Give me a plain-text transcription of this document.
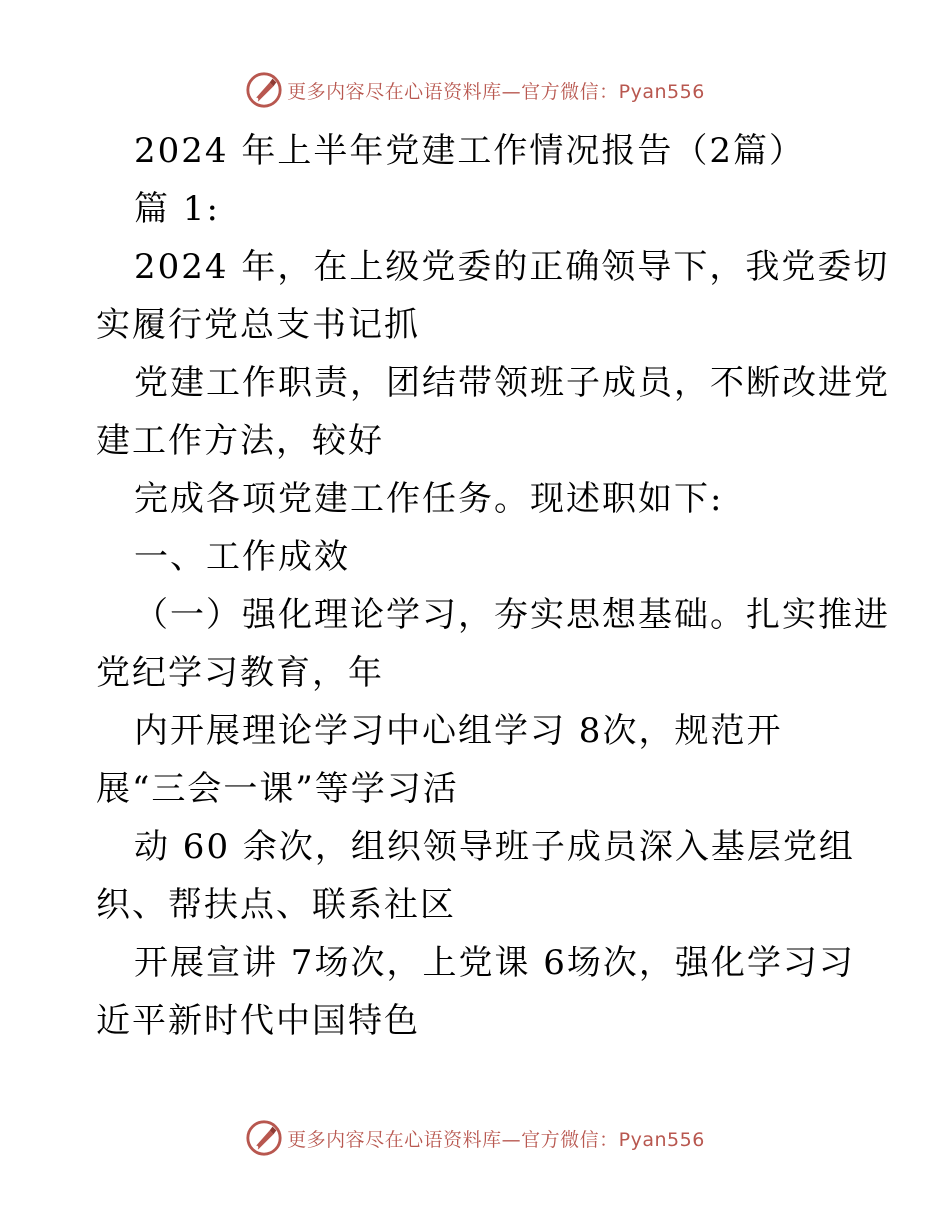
更多内容尽在心语资料库—官方微信：Pyan556
2024 年上半年党建工作情况报告（2篇）
篇 1:
2024 年，在上级党委的正确领导下，我党委切
实履行党总支书记抓
党建工作职责，团结带领班子成员，不断改进党
建工作方法，较好
完成各项党建工作任务。现述职如下:
一、工作成效
（一）强化理论学习，夯实思想基础。扎实推进
党纪学习教育，年
内开展理论学习中心组学习 8次，规范开
展“三会一课”等学习活
动 60 余次，组织领导班子成员深入基层党组
织、帮扶点、联系社区
开展宣讲 7场次，上党课 6场次，强化学习习
近平新时代中国特色
更多内容尽在心语资料库—官方微信：Pyan556
